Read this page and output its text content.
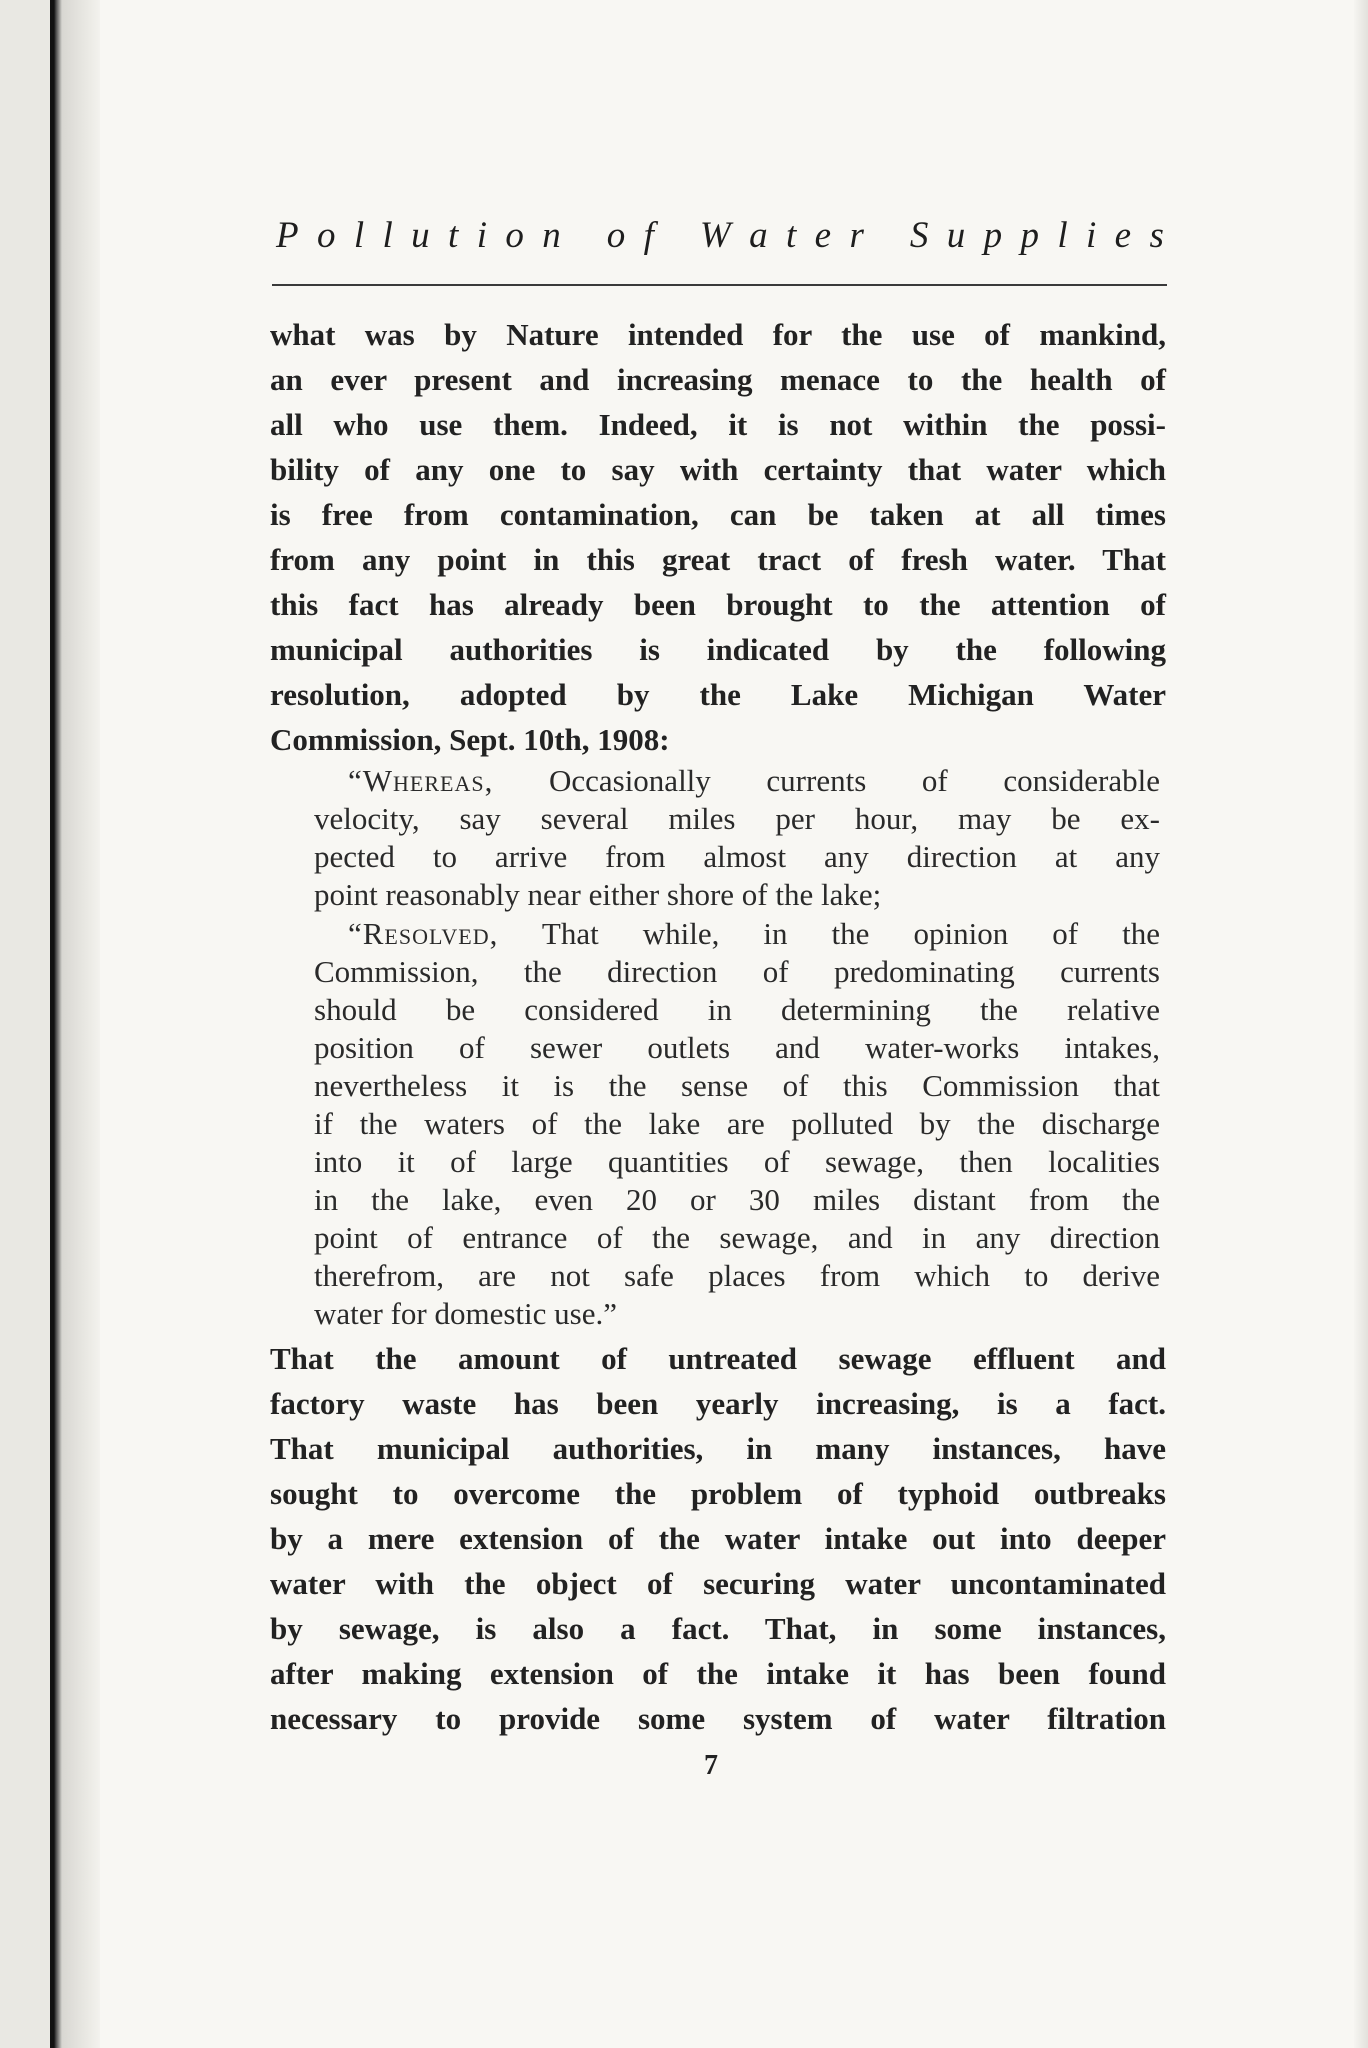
P o l l u t i o n
o f
W a t e r
S u p p l i e s
what was by Nature intended for the use of mankind,
an ever present and increasing menace to the health of
all who use them. Indeed, it is not within the possi-
bility of any one to say with certainty that water which
is free from contamination, can be taken at all times
from any point in this great tract of fresh water. That
this fact has already been brought to the attention of
municipal authorities is indicated by the following
resolution, adopted by the Lake Michigan Water
Commission, Sept. 10th, 1908:
“Whereas, Occasionally currents of considerable
velocity, say several miles per hour, may be ex-
pected to arrive from almost any direction at any
point reasonably near either shore of the lake;
“Resolved, That while, in the opinion of the
Commission, the direction of predominating currents
should be considered in determining the relative
position of sewer outlets and water-works intakes,
nevertheless it is the sense of this Commission that
if the waters of the lake are polluted by the discharge
into it of large quantities of sewage, then localities
in the lake, even 20 or 30 miles distant from the
point of entrance of the sewage, and in any direction
therefrom, are not safe places from which to derive
water for domestic use.”
That the amount of untreated sewage effluent and
factory waste has been yearly increasing, is a fact.
That municipal authorities, in many instances, have
sought to overcome the problem of typhoid outbreaks
by a mere extension of the water intake out into deeper
water with the object of securing water uncontaminated
by sewage, is also a fact. That, in some instances,
after making extension of the intake it has been found
necessary to provide some system of water filtration
7
